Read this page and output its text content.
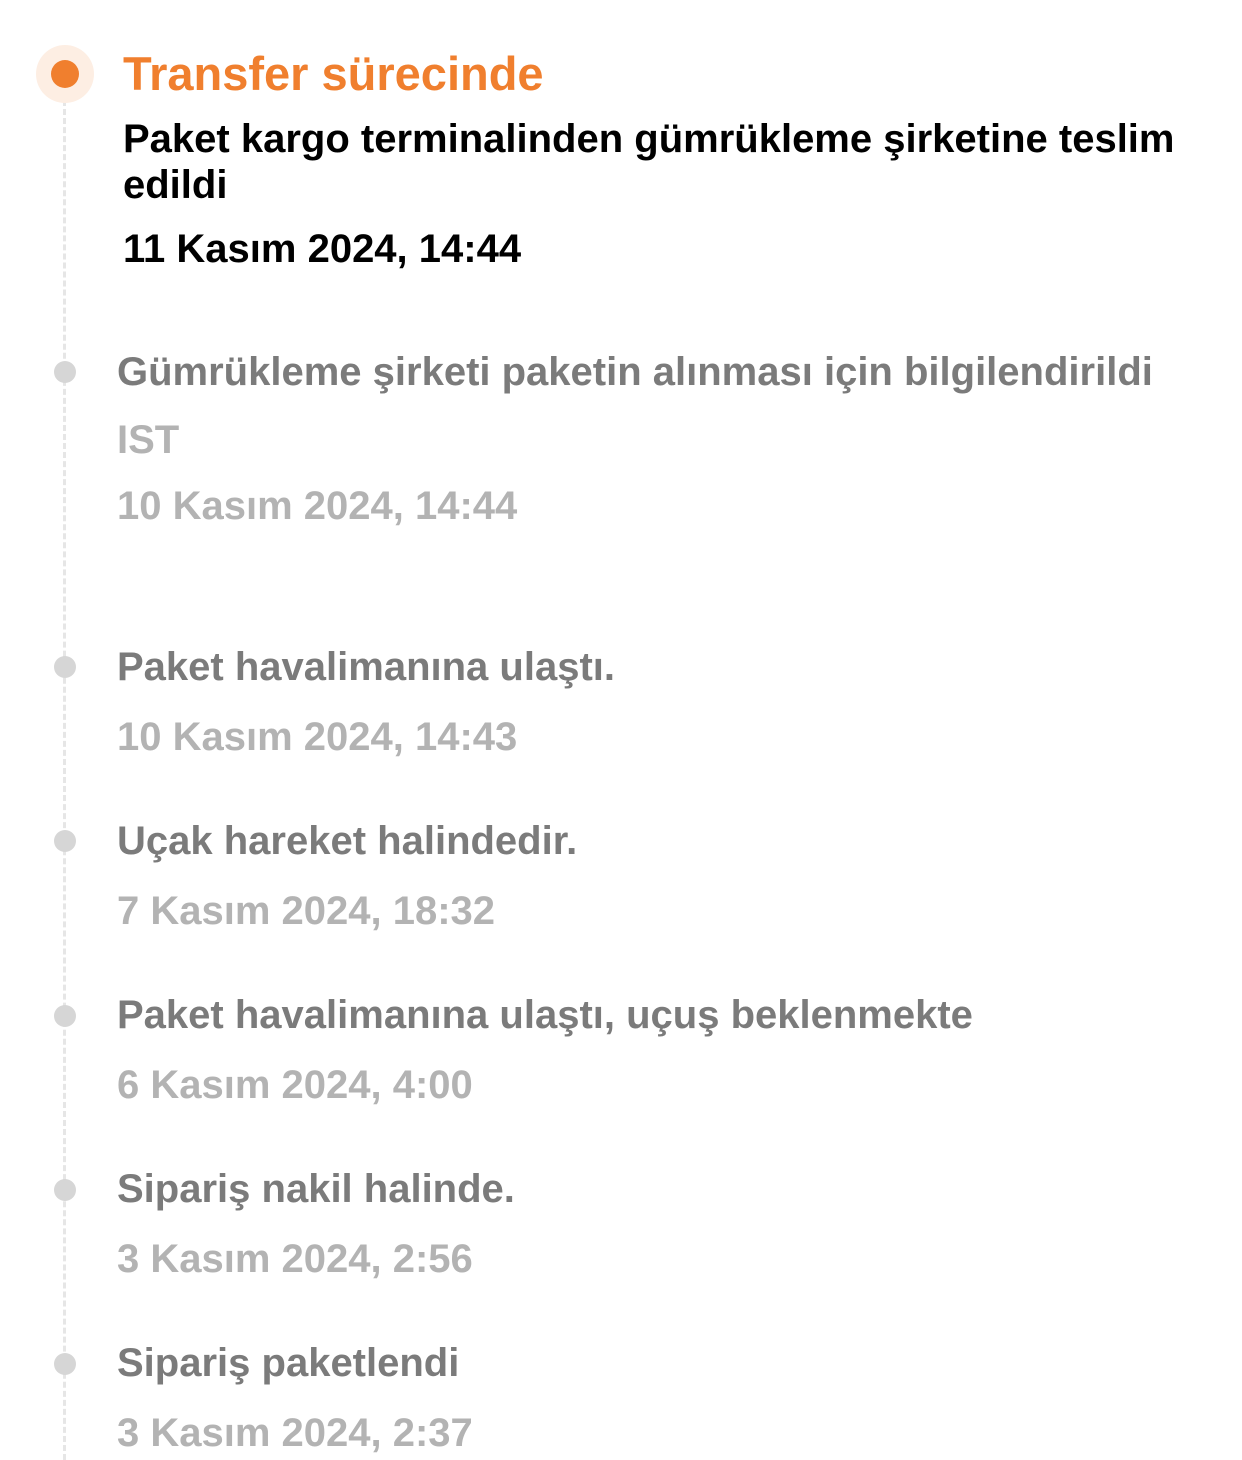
Transfer sürecinde

Paket kargo terminalinden gümrükleme şirketine teslim edildi

11 Kasım 2024, 14:44

Gümrükleme şirketi paketin alınması için bilgilendirildi

IST

10 Kasım 2024, 14:44

Paket havalimanına ulaştı.

10 Kasım 2024, 14:43

Uçak hareket halindedir.

7 Kasım 2024, 18:32

Paket havalimanına ulaştı, uçuş beklenmekte

6 Kasım 2024, 4:00

Sipariş nakil halinde.

3 Kasım 2024, 2:56

Sipariş paketlendi

3 Kasım 2024, 2:37
